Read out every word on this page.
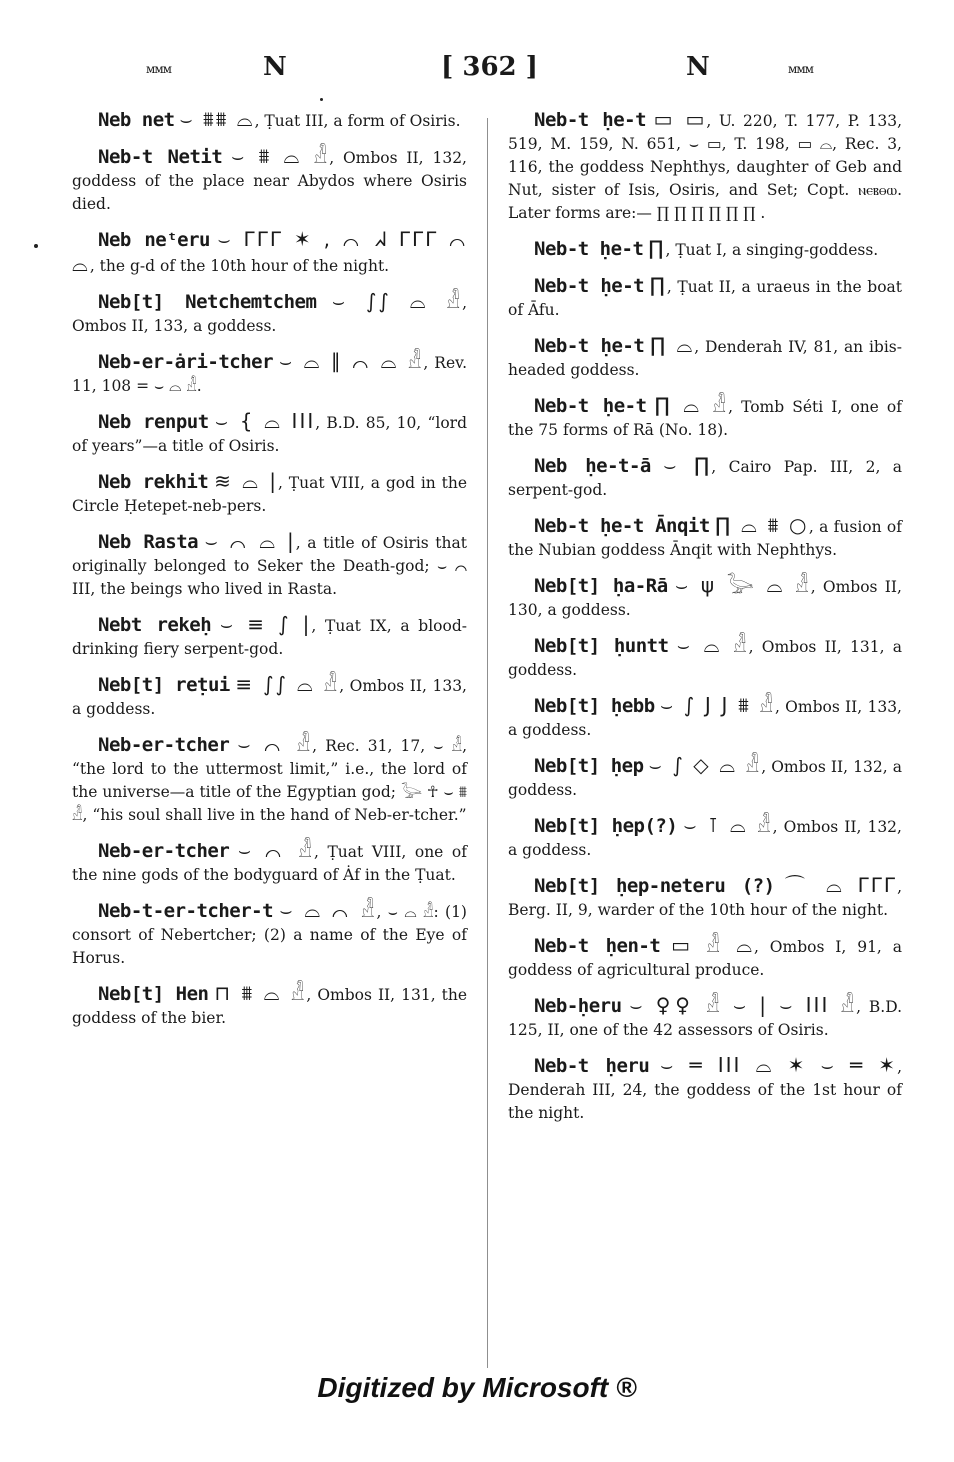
ᴍᴍᴍ	N	[ 362 ]	N	ᴍᴍᴍ
Neb net ⌣ ⩩⩩ ⌓, Ṭuat III, a form of Osiris.
Neb-t Netit ⌣ ⩩ ⌓ 𓁐, Ombos II, 132, goddess of the place near Abydos where Osiris died.
Neb neᵗeru ⌣ ᒥᒥᒥ ✶ , ⌒ ᖽ ᒥᒥᒥ ⌒ ⌓, the g-d of the 10th hour of the night.
Neb[t] Netchemtchem ⌣ ∫∫ ⌓ 𓁐, Ombos II, 133, a goddess.
Neb-er-ȧri-tcher ⌣ ⌓ ∥ ⌒ ⌓ 𓁐, Rev. 11, 108 = ⌣ ⌓ 𓁐.
Neb renput ⌣ { ⌓ III, B.D. 85, 10, “lord of years”—a title of Osiris.
Neb rekhit ≋ ⌓ |, Ṭuat VIII, a god in the Circle Ḥetepet-neb-pers.
Neb Rasta ⌣ ⌒ ⌓ |, a title of Osiris that originally belonged to Seker the Death-god; ⌣ ⌒ III, the beings who lived in Rasta.
Nebt rekeḥ ⌣ ≡ ∫ |, Ṭuat IX, a blood-drinking fiery serpent-god.
Neb[t] reṭui ≡ ∫∫ ⌓ 𓁐, Ombos II, 133, a goddess.
Neb-er-tcher ⌣ ⌒ 𓁐, Rec. 31, 17, ⌣ 𓁐, “the lord to the uttermost limit,” i.e., the lord of the universe—a title of the Egyptian god; 𓅬 ☥ ⌣ ⩩ 𓁐, “his soul shall live in the hand of Neb-er-tcher.”
Neb-er-tcher ⌣ ⌒ 𓁐, Ṭuat VIII, one of the nine gods of the bodyguard of Ȧf in the Ṭuat.
Neb-t-er-tcher-t ⌣ ⌓ ⌒ 𓁐, ⌣ ⌓ 𓁐: (1) consort of Nebertcher; (2) a name of the Eye of Horus.
Neb[t] Hen ⊓ ⩩ ⌓ 𓁐, Ombos II, 131, the goddess of the bier.
Neb-t ḥe-t ▭ ▭, U. 220, T. 177, P. 133, 519, M. 159, N. 651, ⌣ ▭, T. 198, ▭ ⌓, Rec. 3, 116, the goddess Nephthys, daughter of Geb and Nut, sister of Isis, Osiris, and Set; Copt. ⲛⲉⲃⲑⲱ. Later forms are:— ∏ ∏ ∏ ∏ ∏ ∏ .
Neb-t ḥe-t ∏, Ṭuat I, a singing-goddess.
Neb-t ḥe-t ∏, Ṭuat II, a uraeus in the boat of Āfu.
Neb-t ḥe-t ∏ ⌓, Denderah IV, 81, an ibis-headed goddess.
Neb-t ḥe-t ∏ ⌓ 𓁐, Tomb Séti I, one of the 75 forms of Rā (No. 18).
Neb ḥe-t-ā ⌣ ∏, Cairo Pap. III, 2, a serpent-god.
Neb-t ḥe-t Ānqit ∏ ⌓ ⩩ ○, a fusion of the Nubian goddess Ānqit with Nephthys.
Neb[t] ḥa-Rā ⌣ ψ 𓅬 ⌓ 𓁐, Ombos II, 130, a goddess.
Neb[t] ḥuntt ⌣ ⌓ 𓁐, Ombos II, 131, a goddess.
Neb[t] ḥebb ⌣ ∫ J J ⩩ 𓁐, Ombos II, 133, a goddess.
Neb[t] ḥep ⌣ ∫ ◇ ⌓ 𓁐, Ombos II, 132, a goddess.
Neb[t] ḥep(?) ⌣ ⊺ ⌓ 𓁐, Ombos II, 132, a goddess.
Neb[t] ḥep-neteru (?) ⌒ ⌓ ᒥᒥᒥ, Berg. II, 9, warder of the 10th hour of the night.
Neb-t ḥen-t ▭ 𓁐 ⌓, Ombos I, 91, a goddess of agricultural produce.
Neb-ḥeru ⌣ ♀♀ 𓁐 ⌣ | ⌣ III 𓁐, B.D. 125, II, one of the 42 assessors of Osiris.
Neb-t ḥeru ⌣ ═ III ⌓ ✶ ⌣ ═ ✶, Denderah III, 24, the goddess of the 1st hour of the night.
Digitized by Microsoft ®
